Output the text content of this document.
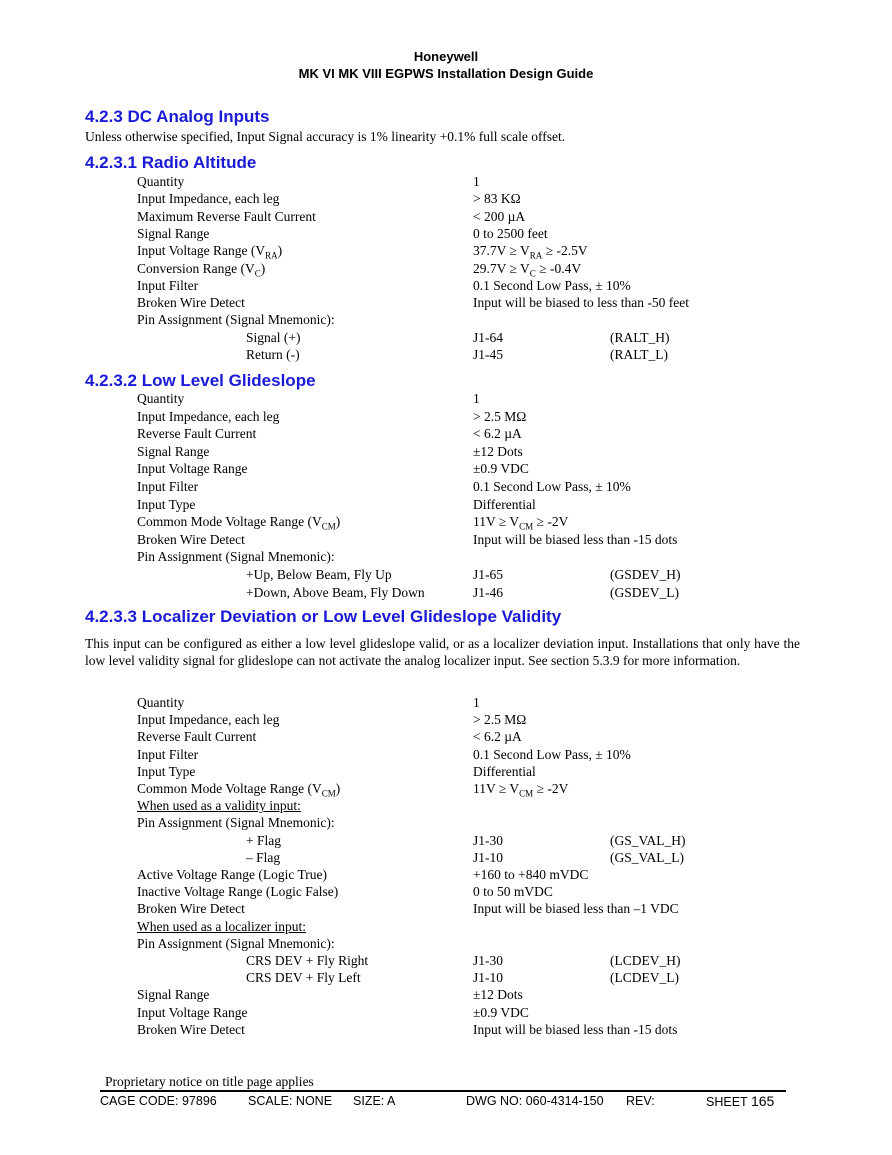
Honeywell
MK VI MK VIII EGPWS Installation Design Guide
4.2.3 DC Analog Inputs
Unless otherwise specified, Input Signal accuracy is 1% linearity +0.1% full scale offset.
4.2.3.1 Radio Altitude
Quantity	1
Input Impedance, each leg	> 83 KΩ
Maximum Reverse Fault Current	< 200 µA
Signal Range	0 to 2500 feet
Input Voltage Range $(V_{RA})$	$37.7V \ge V_{RA} \ge -2.5V$
Conversion Range $(V_C)$	$29.7V \ge V_C \ge -0.4V$
Input Filter	0.1 Second Low Pass, ± 10%
Broken Wire Detect	Input will be biased to less than -50 feet
Pin Assignment (Signal Mnemonic):
Signal (+)	J1-64	(RALT_H)
Return (-)	J1-45	(RALT_L)
4.2.3.2 Low Level Glideslope
Quantity	1
Input Impedance, each leg	> 2.5 MΩ
Reverse Fault Current	< 6.2 µA
Signal Range	±12 Dots
Input Voltage Range	±0.9 VDC
Input Filter	0.1 Second Low Pass, ± 10%
Input Type	Differential
Common Mode Voltage Range $(V_{CM})$	$11V \ge V_{CM} \ge -2V$
Broken Wire Detect	Input will be biased less than -15 dots
Pin Assignment (Signal Mnemonic):
+Up, Below Beam, Fly Up	J1-65	(GSDEV_H)
+Down, Above Beam, Fly Down	J1-46	(GSDEV_L)
4.2.3.3 Localizer Deviation or Low Level Glideslope Validity
This input can be configured as either a low level glideslope valid, or as a localizer deviation input. Installations that only have the low level validity signal for glideslope can not activate the analog localizer input. See section 5.3.9 for more information.
Quantity	1
Input Impedance, each leg	> 2.5 MΩ
Reverse Fault Current	< 6.2 µA
Input Filter	0.1 Second Low Pass, ± 10%
Input Type	Differential
Common Mode Voltage Range $(V_{CM})$	$11V \ge V_{CM} \ge -2V$
When used as a validity input:
Pin Assignment (Signal Mnemonic):
+ Flag	J1-30	(GS_VAL_H)
– Flag	J1-10	(GS_VAL_L)
Active Voltage Range (Logic True)	+160 to +840 mVDC
Inactive Voltage Range (Logic False)	0 to 50 mVDC
Broken Wire Detect	Input will be biased less than –1 VDC
When used as a localizer input:
Pin Assignment (Signal Mnemonic):
CRS DEV + Fly Right	J1-30	(LCDEV_H)
CRS DEV + Fly Left	J1-10	(LCDEV_L)
Signal Range	±12 Dots
Input Voltage Range	±0.9 VDC
Broken Wire Detect	Input will be biased less than -15 dots
Proprietary notice on title page applies
CAGE CODE: 97896	SCALE: NONE SIZE: A	DWG NO: 060-4314-150 REV:	SHEET 165
